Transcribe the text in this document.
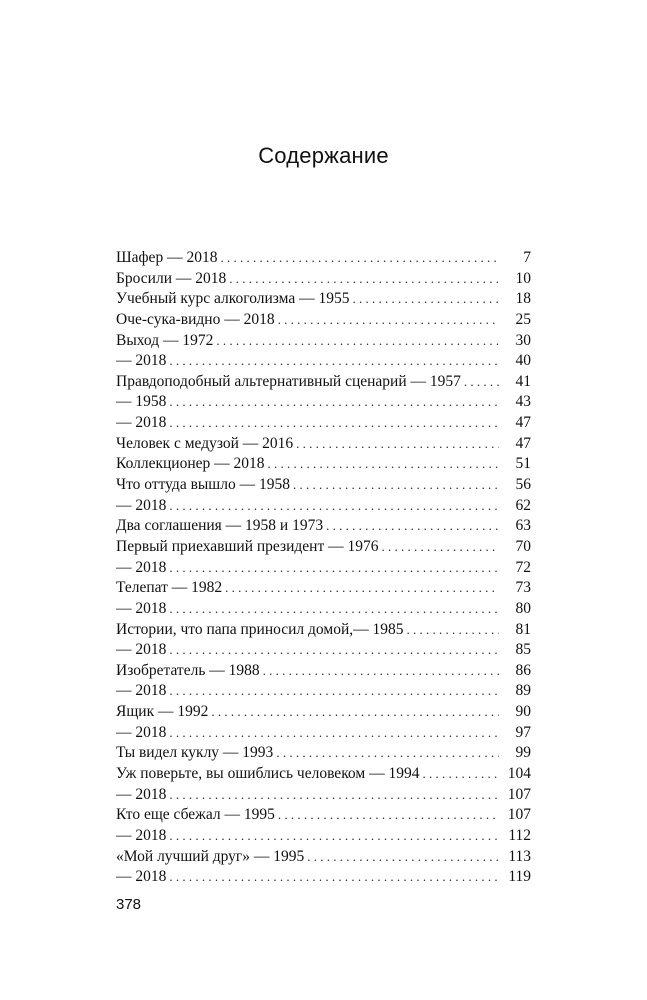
Содержание
Шафер — 2018 . . .	7
Бросили — 2018 . . .	10
Учебный курс алкоголизма — 1955 . . .	18
Оче-сука-видно — 2018 . . .	25
Выход — 1972 . . .	30
— 2018 . . .	40
Правдоподобный альтернативный сценарий — 1957 . . .	41
— 1958 . . .	43
— 2018 . . .	47
Человек с медузой — 2016 . . .	47
Коллекционер — 2018 . . .	51
Что оттуда вышло — 1958 . . .	56
— 2018 . . .	62
Два соглашения — 1958 и 1973 . . .	63
Первый приехавший президент — 1976 . . .	70
— 2018 . . .	72
Телепат — 1982 . . .	73
— 2018 . . .	80
Истории, что папа приносил домой,— 1985 . . .	81
— 2018 . . .	85
Изобретатель — 1988 . . .	86
— 2018 . . .	89
Ящик — 1992 . . .	90
— 2018 . . .	97
Ты видел куклу — 1993 . . .	99
Уж поверьте, вы ошиблись человеком — 1994 . . .	104
— 2018 . . .	107
Кто еще сбежал — 1995 . . .	107
— 2018 . . .	112
«Мой лучший друг» — 1995 . . .	113
— 2018 . . .	119
378
